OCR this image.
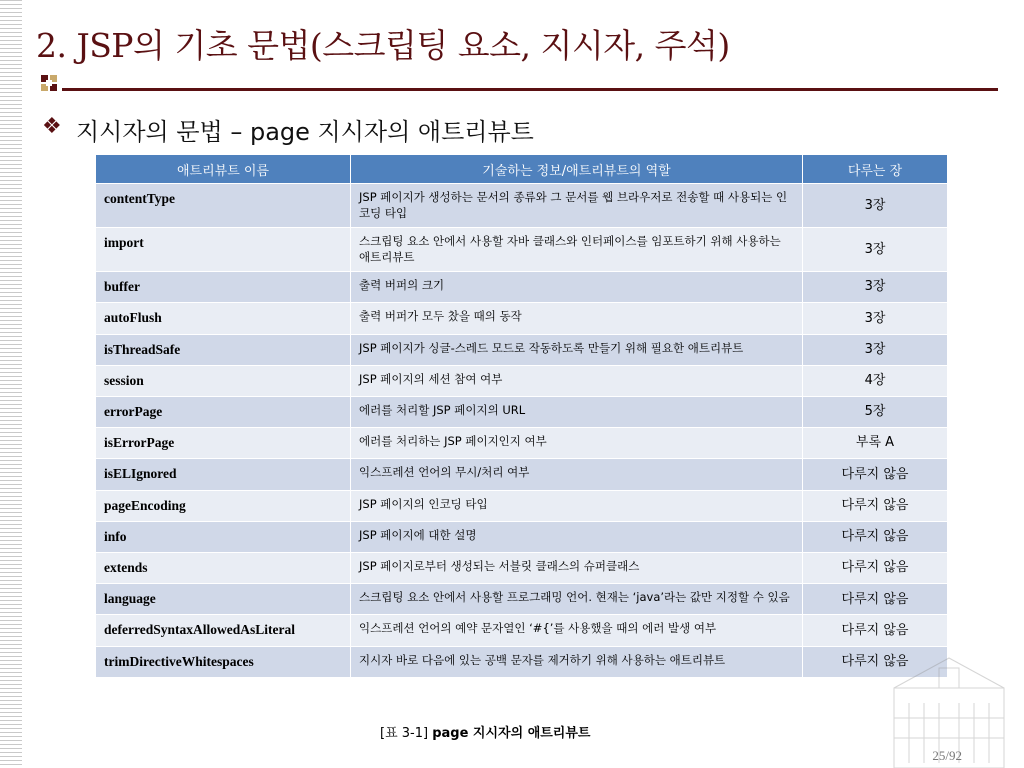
2. JSP의 기초 문법(스크립팅 요소, 지시자, 주석)
❖ 지시자의 문법 – page 지시자의 애트리뷰트
애트리뷰트 이름	기술하는 정보/애트리뷰트의 역할	다루는 장
contentType	JSP 페이지가 생성하는 문서의 종류와 그 문서를 웹 브라우저로 전송할 때 사용되는 인코딩 타입	3장
import	스크립팅 요소 안에서 사용할 자바 클래스와 인터페이스를 임포트하기 위해 사용하는 애트리뷰트	3장
buffer	출력 버퍼의 크기	3장
autoFlush	출력 버퍼가 모두 찼을 때의 동작	3장
isThreadSafe	JSP 페이지가 싱글-스레드 모드로 작동하도록 만들기 위해 필요한 애트리뷰트	3장
session	JSP 페이지의 세션 참여 여부	4장
errorPage	에러를 처리할 JSP 페이지의 URL	5장
isErrorPage	에러를 처리하는 JSP 페이지인지 여부	부록 A
isELIgnored	익스프레션 언어의 무시/처리 여부	다루지 않음
pageEncoding	JSP 페이지의 인코딩 타입	다루지 않음
info	JSP 페이지에 대한 설명	다루지 않음
extends	JSP 페이지로부터 생성되는 서블릿 클래스의 슈퍼클래스	다루지 않음
language	스크립팅 요소 안에서 사용할 프로그래밍 언어. 현재는 ‘java’라는 값만 지정할 수 있음	다루지 않음
deferredSyntaxAllowedAsLiteral	익스프레션 언어의 예약 문자열인 ‘#{’를 사용했을 때의 에러 발생 여부	다루지 않음
trimDirectiveWhitespaces	지시자 바로 다음에 있는 공백 문자를 제거하기 위해 사용하는 애트리뷰트	다루지 않음
[표 3-1] page 지시자의 애트리뷰트
25/92
